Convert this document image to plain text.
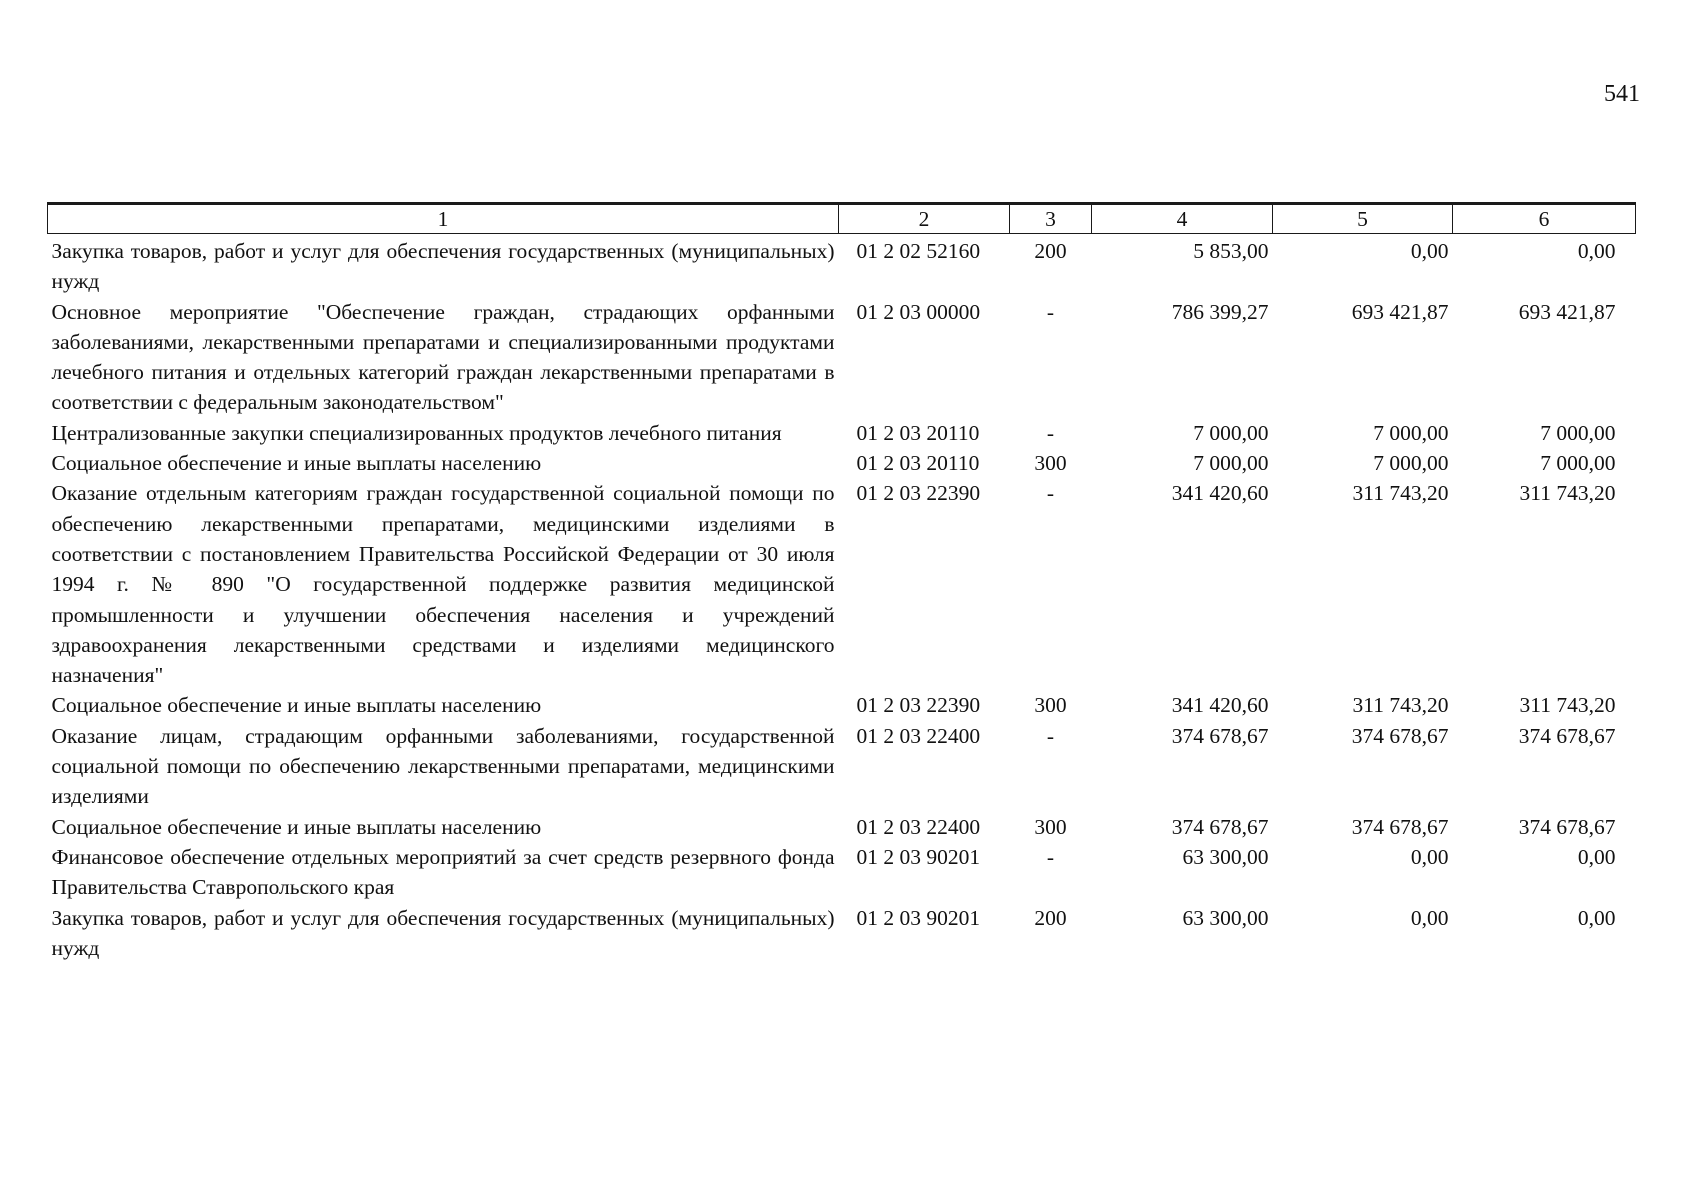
541
1	2	3	4	5	6

Закупка товаров, работ и услуг для обеспечения государственных (муниципальных) нужд	01 2 02 52160	200	5 853,00	0,00	0,00
Основное мероприятие "Обеспечение граждан, страдающих орфанными заболеваниями, лекарственными препаратами и специализированными продуктами лечебного питания и отдельных категорий граждан лекарственными препаратами в соответствии с федеральным законодательством"	01 2 03 00000	-	786 399,27	693 421,87	693 421,87
Централизованные закупки специализированных продуктов лечебного питания	01 2 03 20110	-	7 000,00	7 000,00	7 000,00
Социальное обеспечение и иные выплаты населению	01 2 03 20110	300	7 000,00	7 000,00	7 000,00
Оказание отдельным категориям граждан государственной социальной помощи по обеспечению лекарственными препаратами, медицинскими изделиями в соответствии с постановлением Правительства Российской Федерации от 30 июля 1994 г. № 890 "О государственной поддержке развития медицинской промышленности и улучшении обеспечения населения и учреждений здравоохранения лекарственными средствами и изделиями медицинского назначения"	01 2 03 22390	-	341 420,60	311 743,20	311 743,20
Социальное обеспечение и иные выплаты населению	01 2 03 22390	300	341 420,60	311 743,20	311 743,20
Оказание лицам, страдающим орфанными заболеваниями, государственной социальной помощи по обеспечению лекарственными препаратами, медицинскими изделиями	01 2 03 22400	-	374 678,67	374 678,67	374 678,67
Социальное обеспечение и иные выплаты населению	01 2 03 22400	300	374 678,67	374 678,67	374 678,67
Финансовое обеспечение отдельных мероприятий за счет средств резервного фонда Правительства Ставропольского края	01 2 03 90201	-	63 300,00	0,00	0,00
Закупка товаров, работ и услуг для обеспечения государственных (муниципальных) нужд	01 2 03 90201	200	63 300,00	0,00	0,00
